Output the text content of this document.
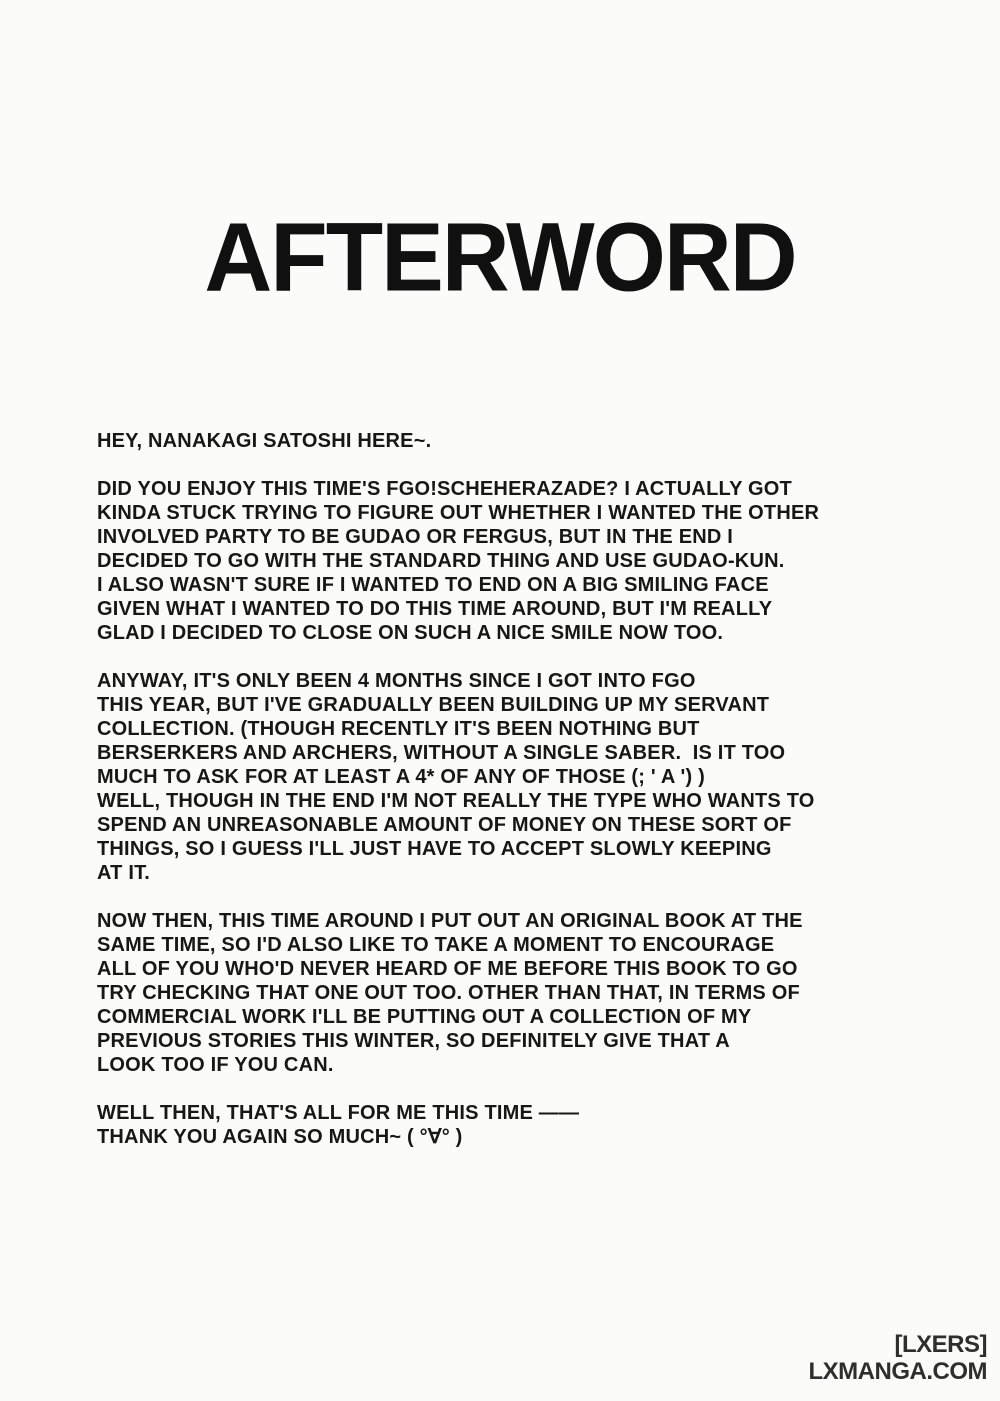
AFTERWORD
HEY, NANAKAGI SATOSHI HERE~.
DID YOU ENJOY THIS TIME'S FGO!SCHEHERAZADE? I ACTUALLY GOT
KINDA STUCK TRYING TO FIGURE OUT WHETHER I WANTED THE OTHER
INVOLVED PARTY TO BE GUDAO OR FERGUS, BUT IN THE END I
DECIDED TO GO WITH THE STANDARD THING AND USE GUDAO-KUN.
I ALSO WASN'T SURE IF I WANTED TO END ON A BIG SMILING FACE
GIVEN WHAT I WANTED TO DO THIS TIME AROUND, BUT I'M REALLY
GLAD I DECIDED TO CLOSE ON SUCH A NICE SMILE NOW TOO.
ANYWAY, IT'S ONLY BEEN 4 MONTHS SINCE I GOT INTO FGO
THIS YEAR, BUT I'VE GRADUALLY BEEN BUILDING UP MY SERVANT
COLLECTION. (THOUGH RECENTLY IT'S BEEN NOTHING BUT
BERSERKERS AND ARCHERS, WITHOUT A SINGLE SABER.  IS IT TOO
MUCH TO ASK FOR AT LEAST A 4* OF ANY OF THOSE (; ' A ') )
WELL, THOUGH IN THE END I'M NOT REALLY THE TYPE WHO WANTS TO
SPEND AN UNREASONABLE AMOUNT OF MONEY ON THESE SORT OF
THINGS, SO I GUESS I'LL JUST HAVE TO ACCEPT SLOWLY KEEPING
AT IT.
NOW THEN, THIS TIME AROUND I PUT OUT AN ORIGINAL BOOK AT THE
SAME TIME, SO I'D ALSO LIKE TO TAKE A MOMENT TO ENCOURAGE
ALL OF YOU WHO'D NEVER HEARD OF ME BEFORE THIS BOOK TO GO
TRY CHECKING THAT ONE OUT TOO. OTHER THAN THAT, IN TERMS OF
COMMERCIAL WORK I'LL BE PUTTING OUT A COLLECTION OF MY
PREVIOUS STORIES THIS WINTER, SO DEFINITELY GIVE THAT A
LOOK TOO IF YOU CAN.
WELL THEN, THAT'S ALL FOR ME THIS TIME ——
THANK YOU AGAIN SO MUCH~ ( °∀° )
[LXERS]
LXMANGA.COM
